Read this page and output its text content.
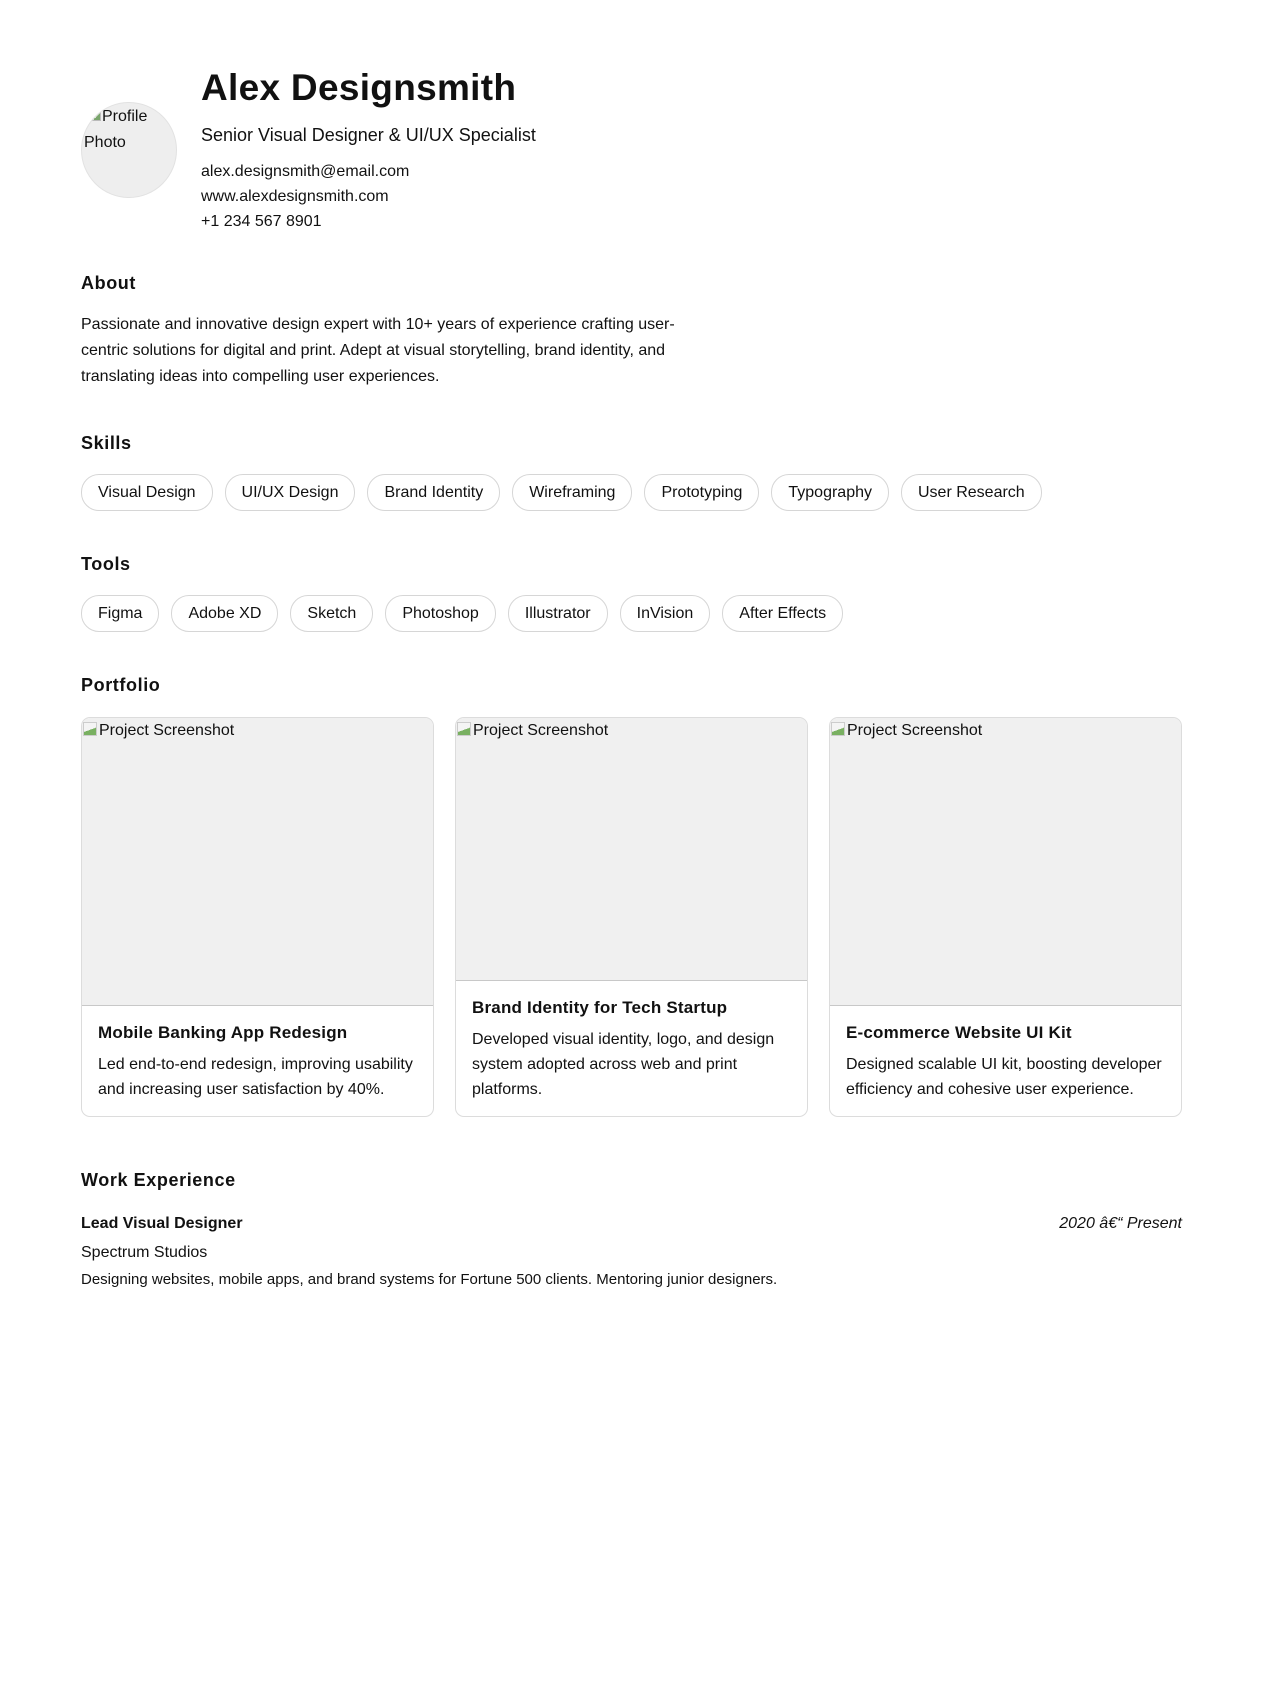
Profile Photo
Alex Designsmith
Senior Visual Designer & UI/UX Specialist
alex.designsmith@email.com
www.alexdesignsmith.com
+1 234 567 8901
About

Passionate and innovative design expert with 10+ years of experience crafting user-centric solutions for digital and print. Adept at visual storytelling, brand identity, and translating ideas into compelling user experiences.

Skills
Visual Design	UI/UX Design	Brand Identity	Wireframing	Prototyping	Typography	User Research
Tools
Figma	Adobe XD	Sketch	Photoshop	Illustrator	InVision	After Effects
Portfolio
Project Screenshot
Mobile Banking App Redesign
Led end-to-end redesign, improving usability and increasing user satisfaction by 40%.
Project Screenshot
Brand Identity for Tech Startup
Developed visual identity, logo, and design system adopted across web and print platforms.
Project Screenshot
E-commerce Website UI Kit
Designed scalable UI kit, boosting developer efficiency and cohesive user experience.
Work Experience
Lead Visual Designer	2020 â€“ Present
Spectrum Studios
Designing websites, mobile apps, and brand systems for Fortune 500 clients. Mentoring junior designers.
